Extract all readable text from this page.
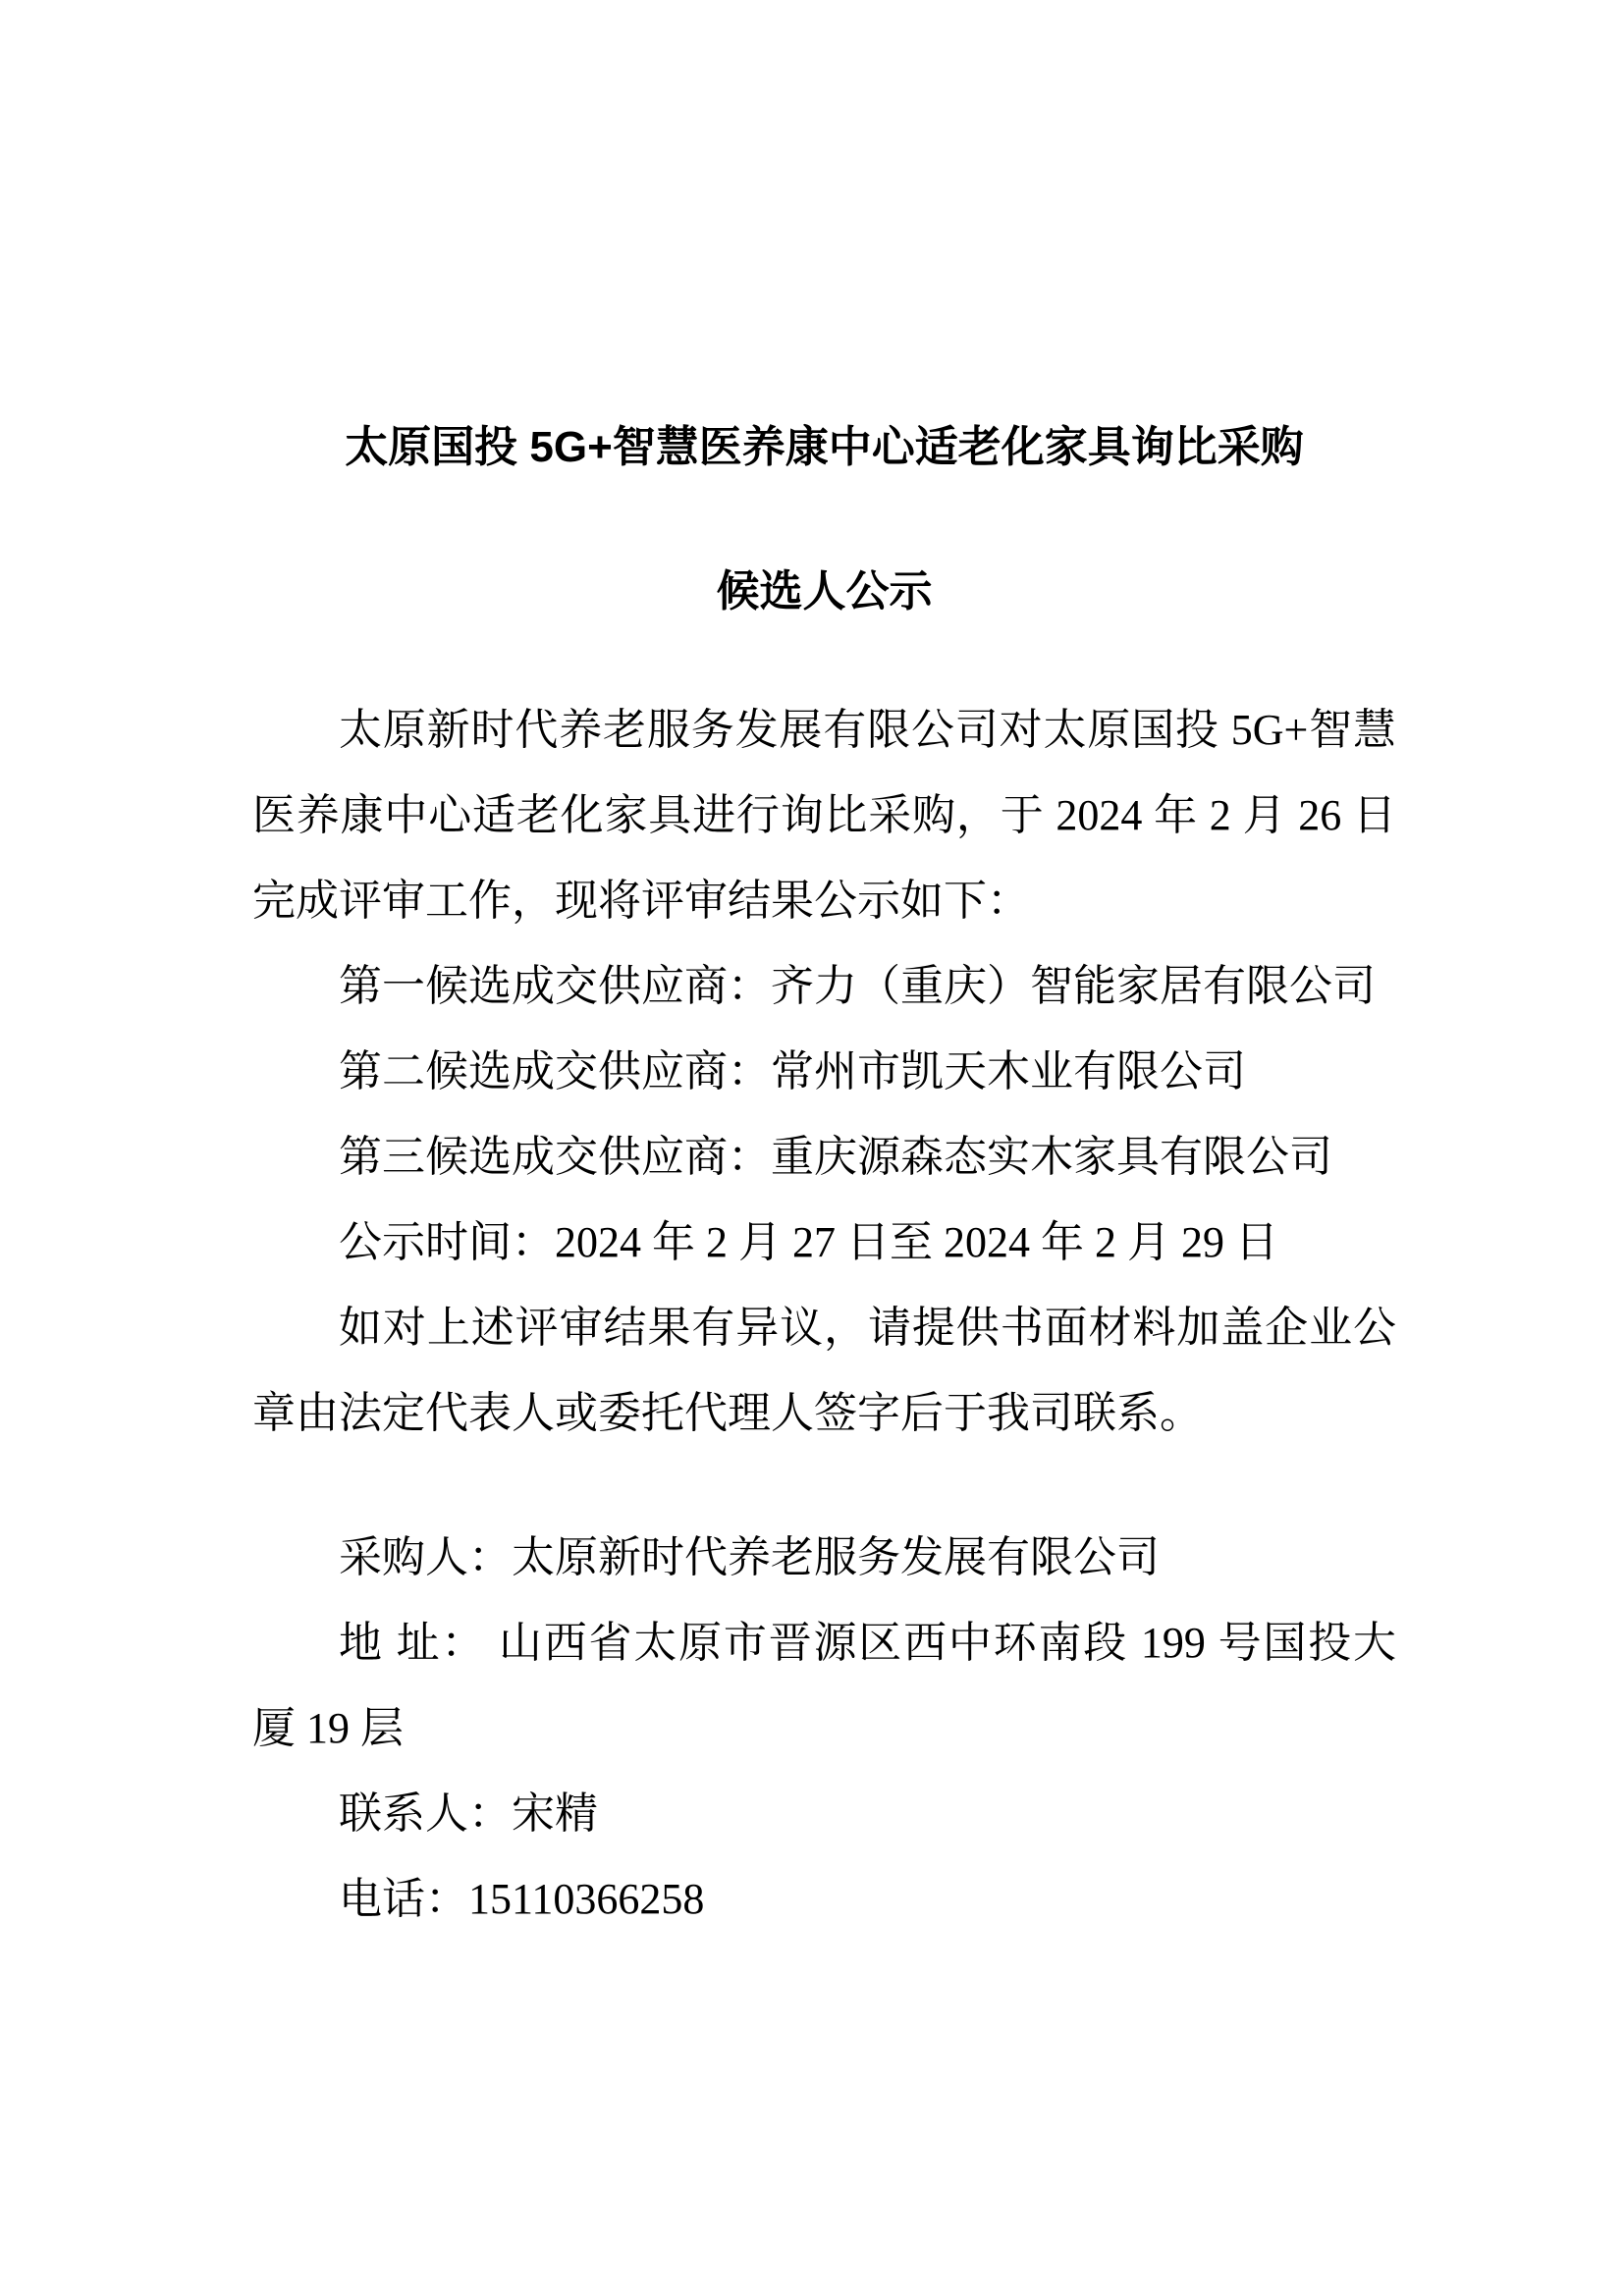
太原国投 5G+智慧医养康中心适老化家具询比采购
候选人公示
太原新时代养老服务发展有限公司对太原国投 5G+智慧
医养康中心适老化家具进行询比采购，于 2024 年 2 月 26 日
完成评审工作，现将评审结果公示如下：
第一候选成交供应商：齐力（重庆）智能家居有限公司
第二候选成交供应商：常州市凯天木业有限公司
第三候选成交供应商：重庆源森态实木家具有限公司
公示时间：2024 年 2 月 27 日至 2024 年 2 月 29 日
如对上述评审结果有异议，请提供书面材料加盖企业公
章由法定代表人或委托代理人签字后于我司联系。
采购人：太原新时代养老服务发展有限公司
地 址： 山西省太原市晋源区西中环南段 199 号国投大
厦 19 层
联系人：宋精
电话：15110366258
